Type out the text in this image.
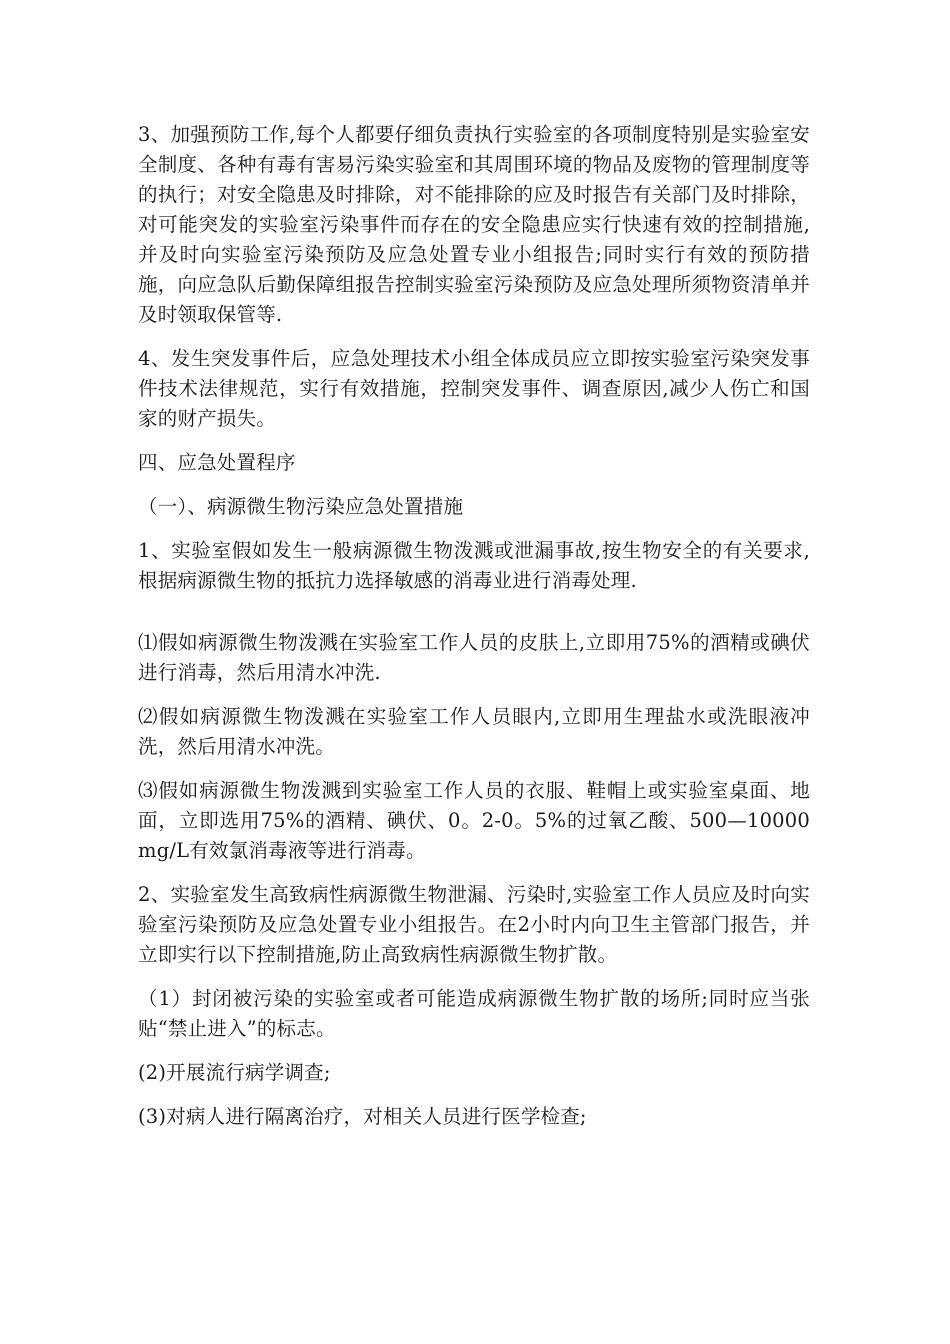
3、加强预防工作,每个人都要仔细负责执行实验室的各项制度特别是实验室安全制度、各种有毒有害易污染实验室和其周围环境的物品及废物的管理制度等的执行；对安全隐患及时排除，对不能排除的应及时报告有关部门及时排除，对可能突发的实验室污染事件而存在的安全隐患应实行快速有效的控制措施,并及时向实验室污染预防及应急处置专业小组报告;同时实行有效的预防措施，向应急队后勤保障组报告控制实验室污染预防及应急处理所须物资清单并及时领取保管等.

4、发生突发事件后，应急处理技术小组全体成员应立即按实验室污染突发事件技术法律规范，实行有效措施，控制突发事件、调查原因,减少人伤亡和国家的财产损失。

四、应急处置程序

（一）、病源微生物污染应急处置措施

1、实验室假如发生一般病源微生物泼溅或泄漏事故,按生物安全的有关要求,根据病源微生物的抵抗力选择敏感的消毒业进行消毒处理.

⑴假如病源微生物泼溅在实验室工作人员的皮肤上,立即用75%的酒精或碘伏进行消毒，然后用清水冲洗.

⑵假如病源微生物泼溅在实验室工作人员眼内,立即用生理盐水或洗眼液冲洗，然后用清水冲洗。

⑶假如病源微生物泼溅到实验室工作人员的衣服、鞋帽上或实验室桌面、地面，立即选用75%的酒精、碘伏、0。2-0。5%的过氧乙酸、500—10000mg/L有效氯消毒液等进行消毒。

2、实验室发生高致病性病源微生物泄漏、污染时,实验室工作人员应及时向实验室污染预防及应急处置专业小组报告。在2小时内向卫生主管部门报告，并立即实行以下控制措施,防止高致病性病源微生物扩散。

（1）封闭被污染的实验室或者可能造成病源微生物扩散的场所;同时应当张贴“禁止进入”的标志。

(2)开展流行病学调查;

(3)对病人进行隔离治疗，对相关人员进行医学检查;
